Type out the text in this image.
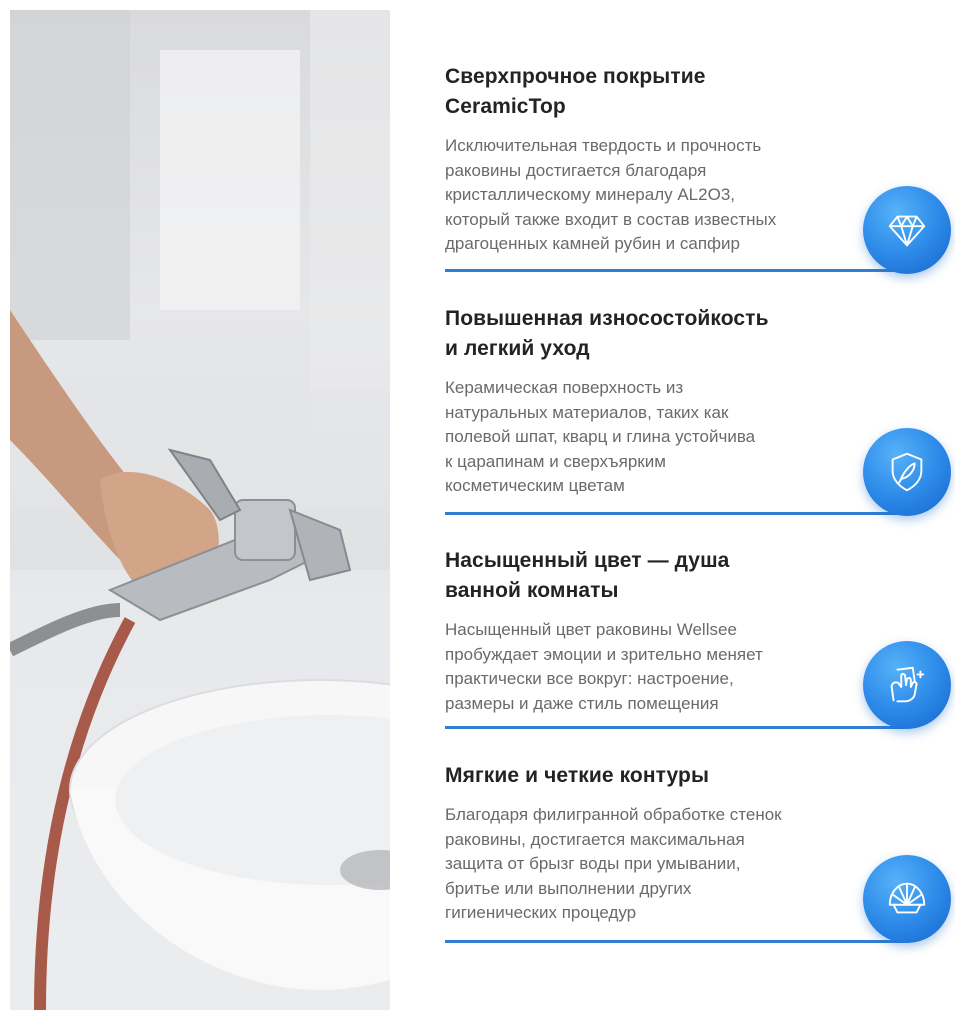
Сверхпрочное покрытие
CeramicTop

Исключительная твердость и прочность
раковины достигается благодаря
кристаллическому минералу AL2O3,
который также входит в состав известных
драгоценных камней рубин и сапфир

Повышенная износостойкость
и легкий уход

Керамическая поверхность из
натуральных материалов, таких как
полевой шпат, кварц и глина устойчива
к царапинам и сверхъярким
косметическим цветам

Насыщенный цвет — душа
ванной комнаты

Насыщенный цвет раковины Wellsee
пробуждает эмоции и зрительно меняет
практически все вокруг: настроение,
размеры и даже стиль помещения

Мягкие и четкие контуры

Благодаря филигранной обработке стенок
раковины, достигается максимальная
защита от брызг воды при умывании,
бритье или выполнении других
гигиенических процедур
